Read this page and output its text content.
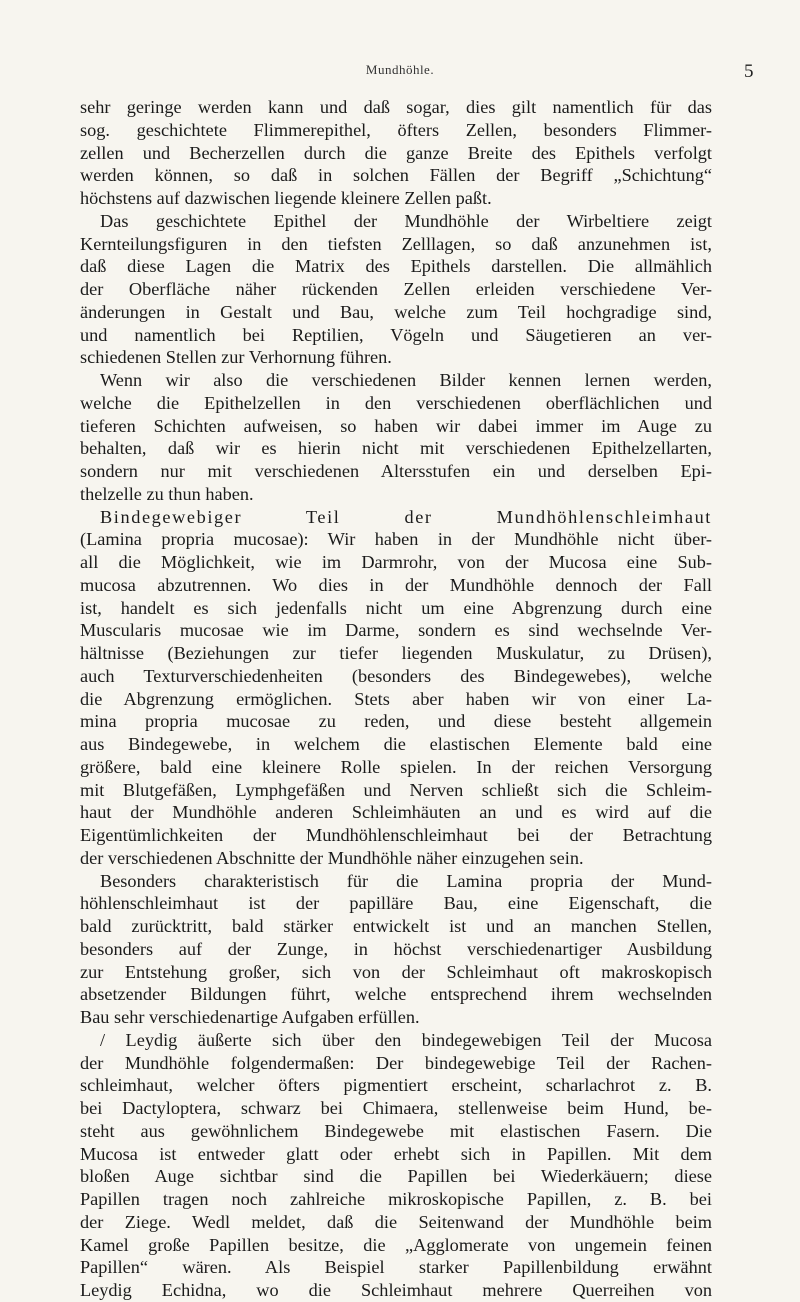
Mundhöhle.	5
sehr geringe werden kann und daß sogar, dies gilt namentlich für das
sog. geschichtete Flimmerepithel, öfters Zellen, besonders Flimmer-
zellen und Becherzellen durch die ganze Breite des Epithels verfolgt
werden können, so daß in solchen Fällen der Begriff „Schichtung“
höchstens auf dazwischen liegende kleinere Zellen paßt.
Das geschichtete Epithel der Mundhöhle der Wirbeltiere zeigt
Kernteilungsfiguren in den tiefsten Zelllagen, so daß anzunehmen ist,
daß diese Lagen die Matrix des Epithels darstellen. Die allmählich
der Oberfläche näher rückenden Zellen erleiden verschiedene Ver-
änderungen in Gestalt und Bau, welche zum Teil hochgradige sind,
und namentlich bei Reptilien, Vögeln und Säugetieren an ver-
schiedenen Stellen zur Verhornung führen.
Wenn wir also die verschiedenen Bilder kennen lernen werden,
welche die Epithelzellen in den verschiedenen oberflächlichen und
tieferen Schichten aufweisen, so haben wir dabei immer im Auge zu
behalten, daß wir es hierin nicht mit verschiedenen Epithelzellarten,
sondern nur mit verschiedenen Altersstufen ein und derselben Epi-
thelzelle zu thun haben.
Bindegewebiger Teil der Mundhöhlenschleimhaut
(Lamina propria mucosae): Wir haben in der Mundhöhle nicht über-
all die Möglichkeit, wie im Darmrohr, von der Mucosa eine Sub-
mucosa abzutrennen. Wo dies in der Mundhöhle dennoch der Fall
ist, handelt es sich jedenfalls nicht um eine Abgrenzung durch eine
Muscularis mucosae wie im Darme, sondern es sind wechselnde Ver-
hältnisse (Beziehungen zur tiefer liegenden Muskulatur, zu Drüsen),
auch Texturverschiedenheiten (besonders des Bindegewebes), welche
die Abgrenzung ermöglichen. Stets aber haben wir von einer La-
mina propria mucosae zu reden, und diese besteht allgemein
aus Bindegewebe, in welchem die elastischen Elemente bald eine
größere, bald eine kleinere Rolle spielen. In der reichen Versorgung
mit Blutgefäßen, Lymphgefäßen und Nerven schließt sich die Schleim-
haut der Mundhöhle anderen Schleimhäuten an und es wird auf die
Eigentümlichkeiten der Mundhöhlenschleimhaut bei der Betrachtung
der verschiedenen Abschnitte der Mundhöhle näher einzugehen sein.
Besonders charakteristisch für die Lamina propria der Mund-
höhlenschleimhaut ist der papilläre Bau, eine Eigenschaft, die
bald zurücktritt, bald stärker entwickelt ist und an manchen Stellen,
besonders auf der Zunge, in höchst verschiedenartiger Ausbildung
zur Entstehung großer, sich von der Schleimhaut oft makroskopisch
absetzender Bildungen führt, welche entsprechend ihrem wechselnden
Bau sehr verschiedenartige Aufgaben erfüllen.
/ Leydig äußerte sich über den bindegewebigen Teil der Mucosa
der Mundhöhle folgendermaßen: Der bindegewebige Teil der Rachen-
schleimhaut, welcher öfters pigmentiert erscheint, scharlachrot z. B.
bei Dactyloptera, schwarz bei Chimaera, stellenweise beim Hund, be-
steht aus gewöhnlichem Bindegewebe mit elastischen Fasern. Die
Mucosa ist entweder glatt oder erhebt sich in Papillen. Mit dem
bloßen Auge sichtbar sind die Papillen bei Wiederkäuern; diese
Papillen tragen noch zahlreiche mikroskopische Papillen, z. B. bei
der Ziege. Wedl meldet, daß die Seitenwand der Mundhöhle beim
Kamel große Papillen besitze, die „Agglomerate von ungemein feinen
Papillen“ wären. Als Beispiel starker Papillenbildung erwähnt
Leydig Echidna, wo die Schleimhaut mehrere Querreihen von
